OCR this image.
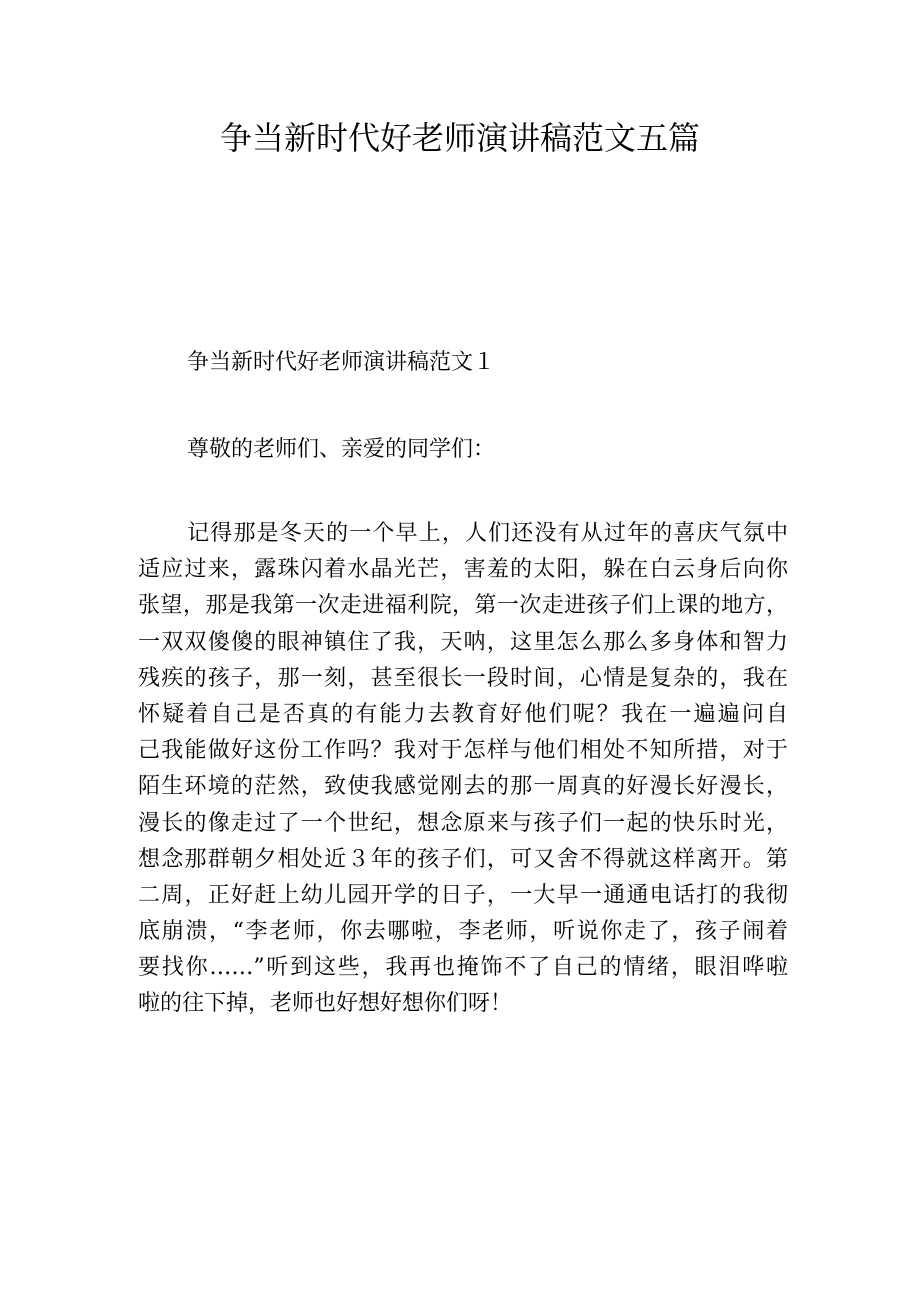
争当新时代好老师演讲稿范文五篇
争当新时代好老师演讲稿范文１
尊敬的老师们、亲爱的同学们：
记得那是冬天的一个早上，人们还没有从过年的喜庆气氛中
适应过来，露珠闪着水晶光芒，害羞的太阳，躲在白云身后向你
张望，那是我第一次走进福利院，第一次走进孩子们上课的地方，
一双双傻傻的眼神镇住了我，天呐，这里怎么那么多身体和智力
残疾的孩子，那一刻，甚至很长一段时间，心情是复杂的，我在
怀疑着自己是否真的有能力去教育好他们呢？我在一遍遍问自
己我能做好这份工作吗？我对于怎样与他们相处不知所措，对于
陌生环境的茫然，致使我感觉刚去的那一周真的好漫长好漫长，
漫长的像走过了一个世纪，想念原来与孩子们一起的快乐时光，
想念那群朝夕相处近３年的孩子们，可又舍不得就这样离开。第
二周，正好赶上幼儿园开学的日子，一大早一通通电话打的我彻
底崩溃，“李老师，你去哪啦，李老师，听说你走了，孩子闹着
要找你……”听到这些，我再也掩饰不了自己的情绪，眼泪哗啦
啦的往下掉，老师也好想好想你们呀！
